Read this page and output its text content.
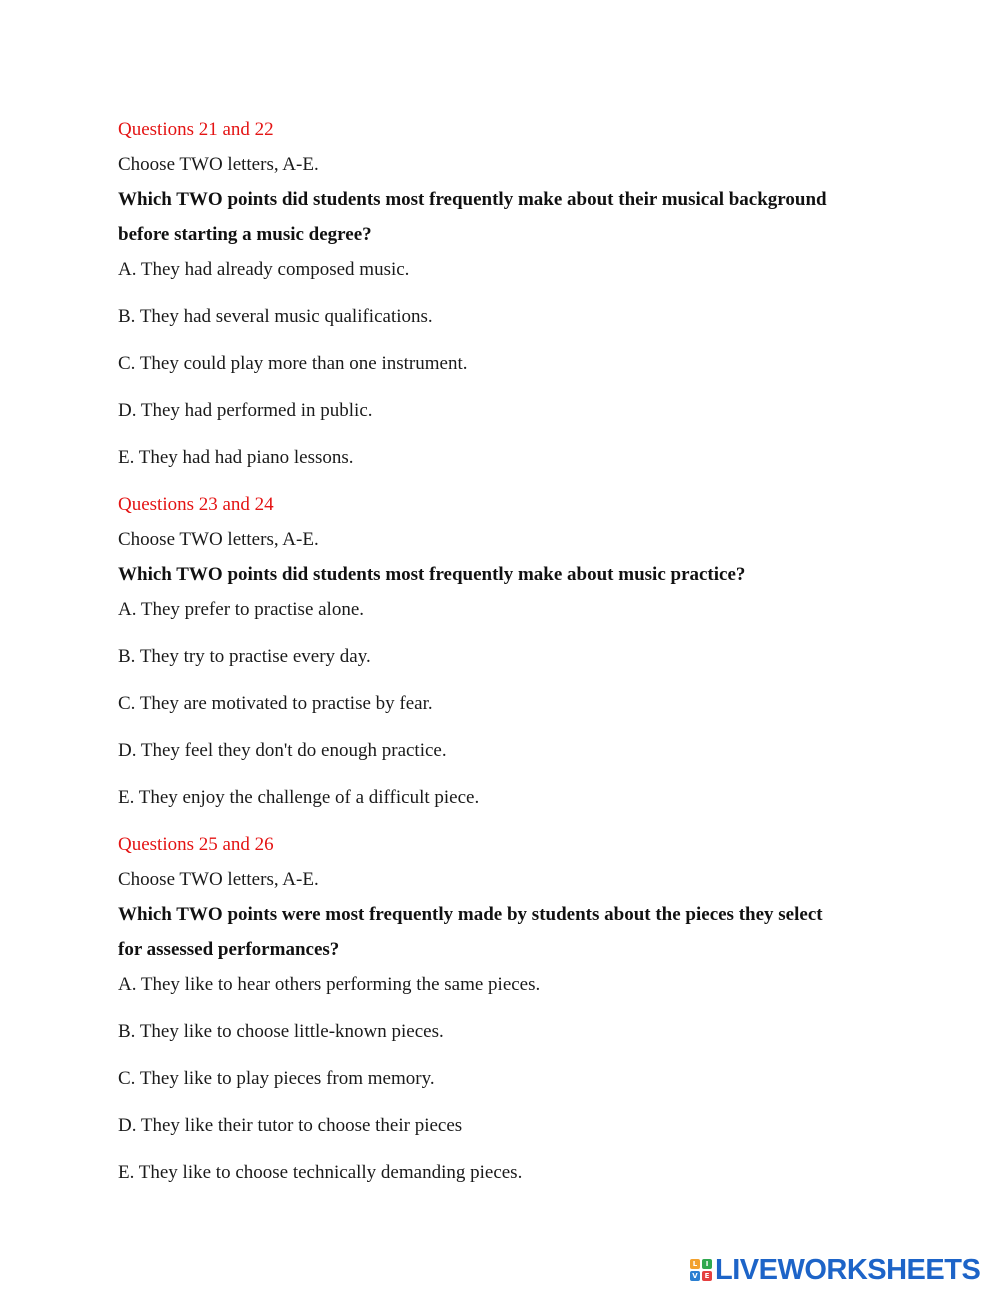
Questions 21 and 22

Choose TWO letters, A-E.

Which TWO points did students most frequently make about their musical background

before starting a music degree?

A. They had already composed music.
B. They had several music qualifications.
C. They could play more than one instrument.
D. They had performed in public.
E. They had had piano lessons.

Questions 23 and 24

Choose TWO letters, A-E.

Which TWO points did students most frequently make about music practice?

A. They prefer to practise alone.
B. They try to practise every day.
C. They are motivated to practise by fear.
D. They feel they don't do enough practice.
E. They enjoy the challenge of a difficult piece.

Questions 25 and 26

Choose TWO letters, A-E.

Which TWO points were most frequently made by students about the pieces they select

for assessed performances?

A. They like to hear others performing the same pieces.
B. They like to choose little-known pieces.
C. They like to play pieces from memory.
D. They like their tutor to choose their pieces
E. They like to choose technically demanding pieces.
L	I
V E LIVEWORKSHEETS
